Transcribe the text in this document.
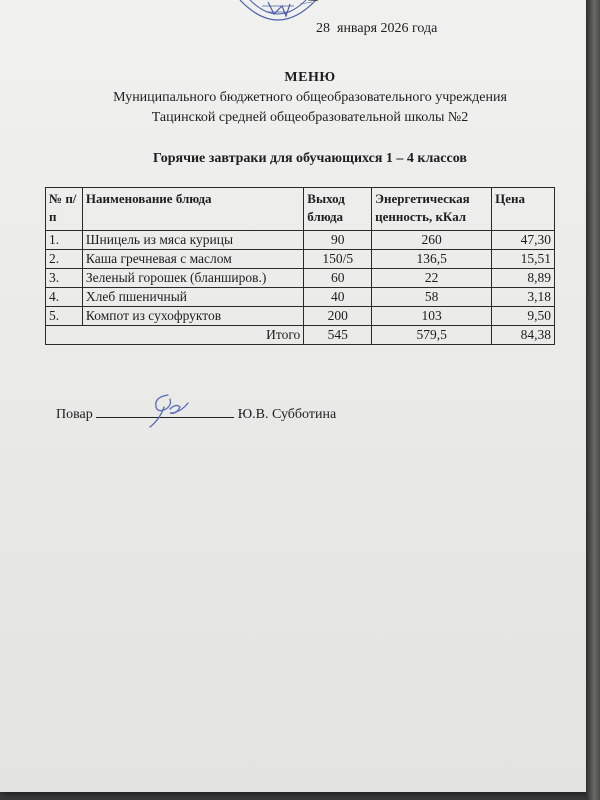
28 января 2026 года
МЕНЮ
Муниципального бюджетного общеобразовательного учреждения
Тацинской средней общеобразовательной школы №2
Горячие завтраки для обучающихся 1 – 4 классов
№ п/п	Наименование блюда	Выход блюда	Энергетическая ценность, кКал	Цена
1.	Шницель из мяса курицы	90	260	47,30
2.	Каша гречневая с маслом	150/5	136,5	15,51
3.	Зеленый горошек (бланширов.)	60	22	8,89
4.	Хлеб пшеничный	40	58	3,18
5.	Компот из сухофруктов	200	103	9,50
Итого		545	579,5	84,38
Повар	Ю.В. Субботина
